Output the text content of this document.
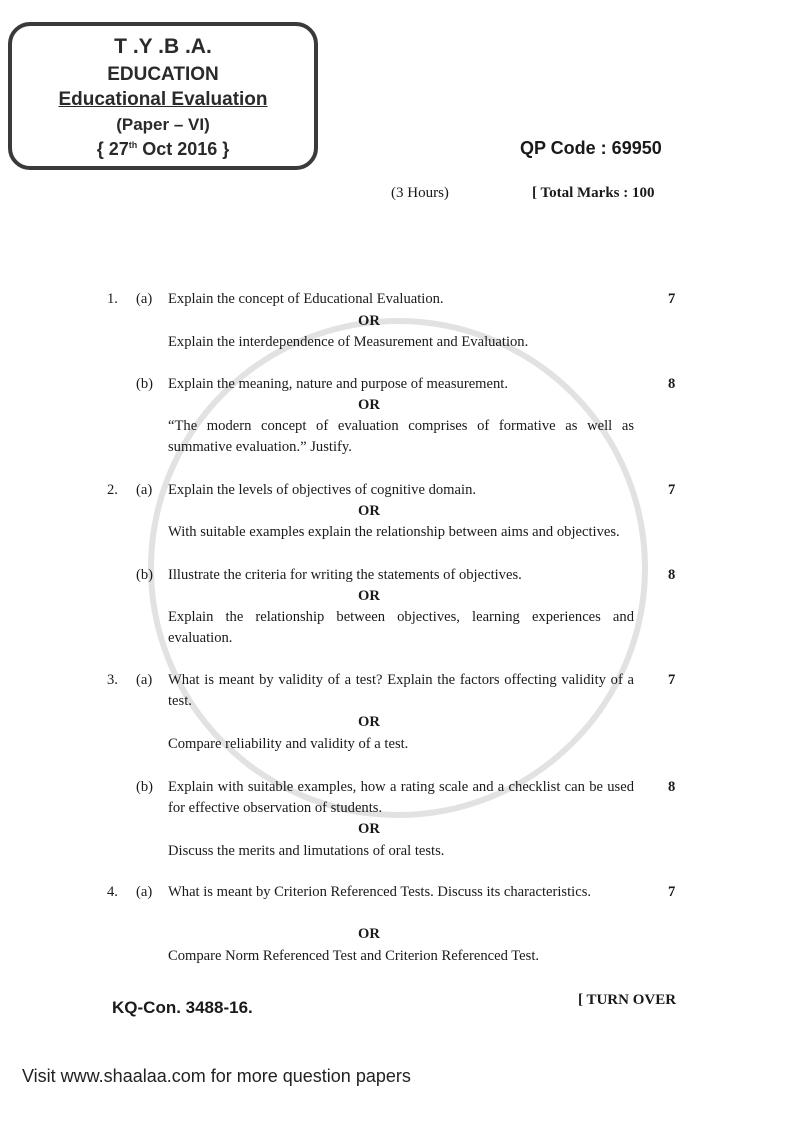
T .Y .B .A.
EDUCATION
Educational Evaluation
(Paper – VI)
{ 27th Oct 2016 }	QP Code : 69950
(3 Hours)	[ Total Marks : 100
1. (a) Explain the concept of Educational Evaluation.	7
OR
Explain the interdependence of Measurement and Evaluation.
(b) Explain the meaning, nature and purpose of measurement.	8
OR
“The modern concept of evaluation comprises of formative as well as summative evaluation.” Justify.
2. (a) Explain the levels of objectives of cognitive domain.	7
OR
With suitable examples explain the relationship between aims and objectives.
(b) Illustrate the criteria for writing the statements of objectives.	8
OR
Explain the relationship between objectives, learning experiences and evaluation.
3. (a) What is meant by validity of a test? Explain the factors offecting validity of a test.
7
OR
Compare reliability and validity of a test.
(b) Explain with suitable examples, how a rating scale and a checklist can be used for effective observation of students.
8
OR
Discuss the merits and limutations of oral tests.
4. (a) What is meant by Criterion Referenced Tests. Discuss its characteristics.	7
OR
Compare Norm Referenced Test and Criterion Referenced Test.
KQ-Con. 3488-16.	[ TURN OVER
Visit www.shaalaa.com for more question papers
